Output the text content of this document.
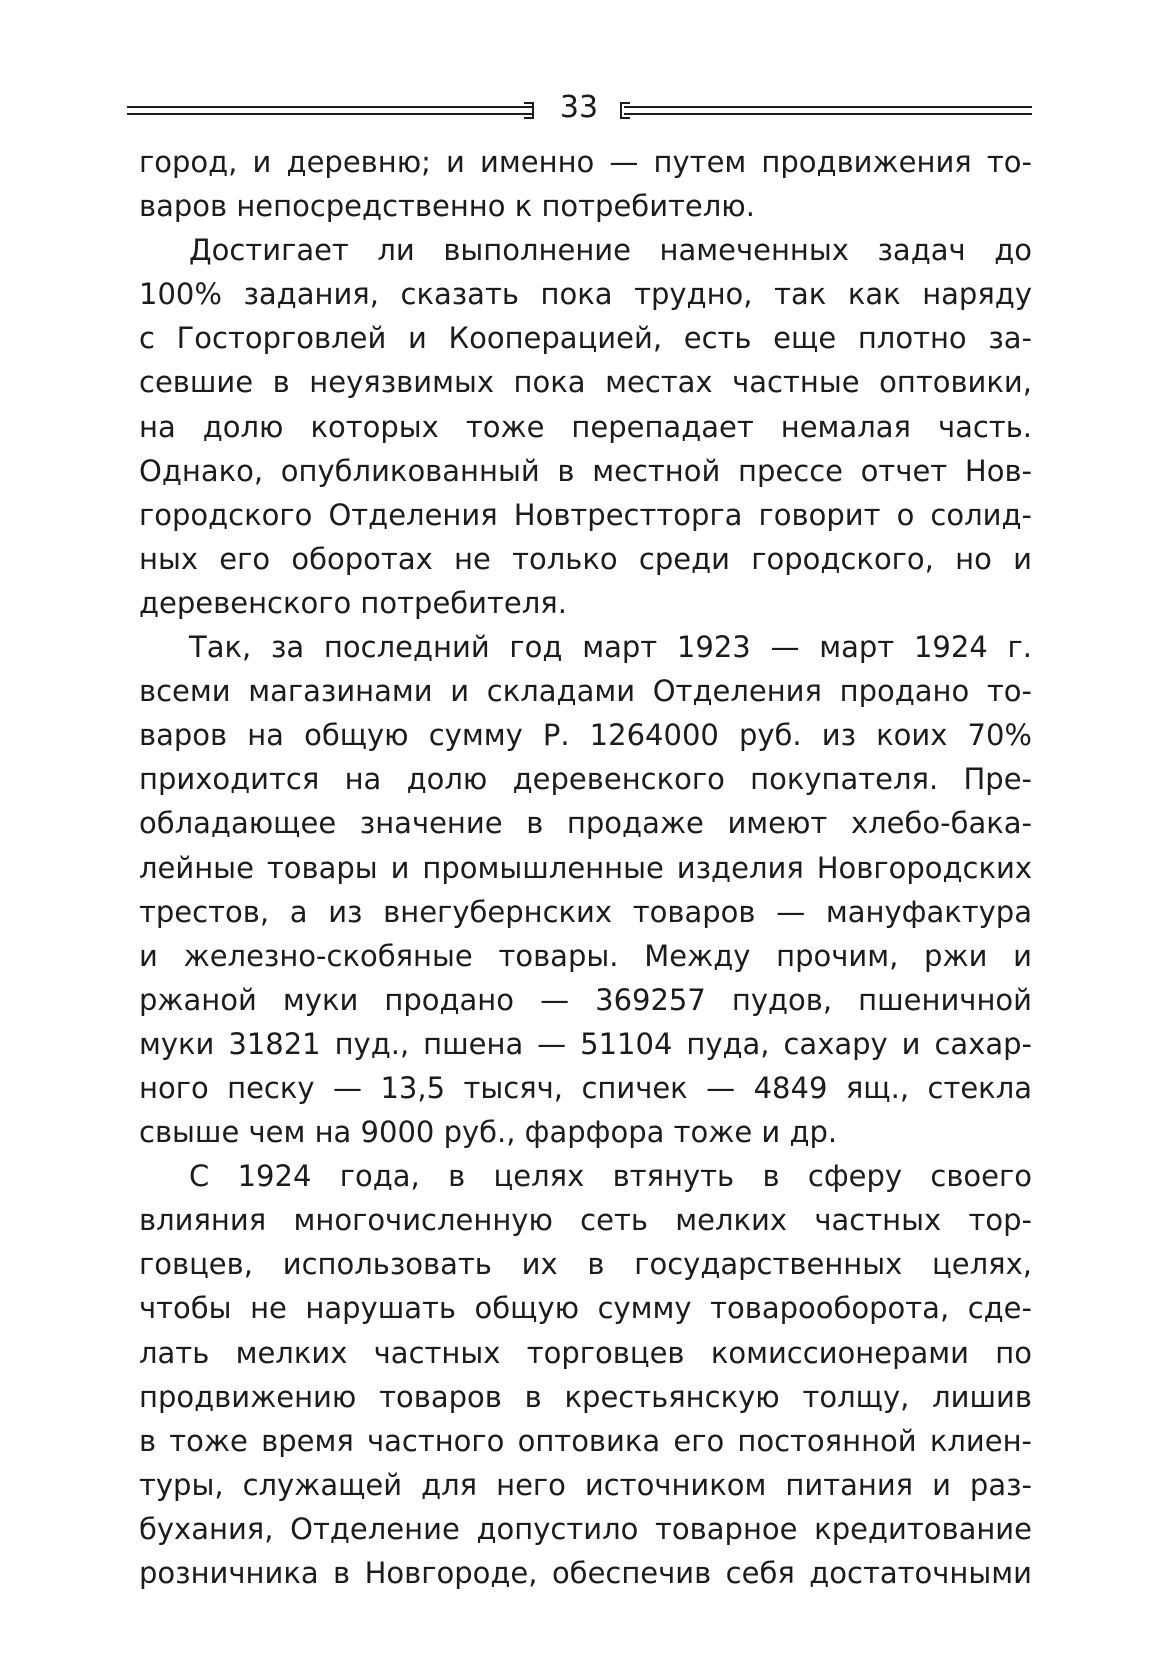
33
город, и деревню; и именно — путем продвижения то-
варов непосредственно к потребителю.
Достигает ли выполнение намеченных задач до
100% задания, сказать пока трудно, так как наряду
с Госторговлей и Кооперацией, есть еще плотно за-
севшие в неуязвимых пока местах частные оптовики,
на долю которых тоже перепадает немалая часть.
Однако, опубликованный в местной прессе отчет Нов-
городского Отделения Новтрестторга говорит о солид-
ных его оборотах не только среди городского, но и
деревенского потребителя.
Так, за последний год март 1923 — март 1924 г.
всеми магазинами и складами Отделения продано то-
варов на общую сумму Р. 1264000 руб. из коих 70%
приходится на долю деревенского покупателя. Пре-
обладающее значение в продаже имеют хлебо-бака-
лейные товары и промышленные изделия Новгородских
трестов, а из внегубернских товаров — мануфактура
и железно-скобяные товары. Между прочим, ржи и
ржаной муки продано — 369257 пудов, пшеничной
муки 31821 пуд., пшена — 51104 пуда, сахару и сахар-
ного песку — 13,5 тысяч, спичек — 4849 ящ., стекла
свыше чем на 9000 руб., фарфора тоже и др.
С 1924 года, в целях втянуть в сферу своего
влияния многочисленную сеть мелких частных тор-
говцев, использовать их в государственных целях,
чтобы не нарушать общую сумму товарооборота, сде-
лать мелких частных торговцев комиссионерами по
продвижению товаров в крестьянскую толщу, лишив
в тоже время частного оптовика его постоянной клиен-
туры, служащей для него источником питания и раз-
бухания, Отделение допустило товарное кредитование
розничника в Новгороде, обеспечив себя достаточными
